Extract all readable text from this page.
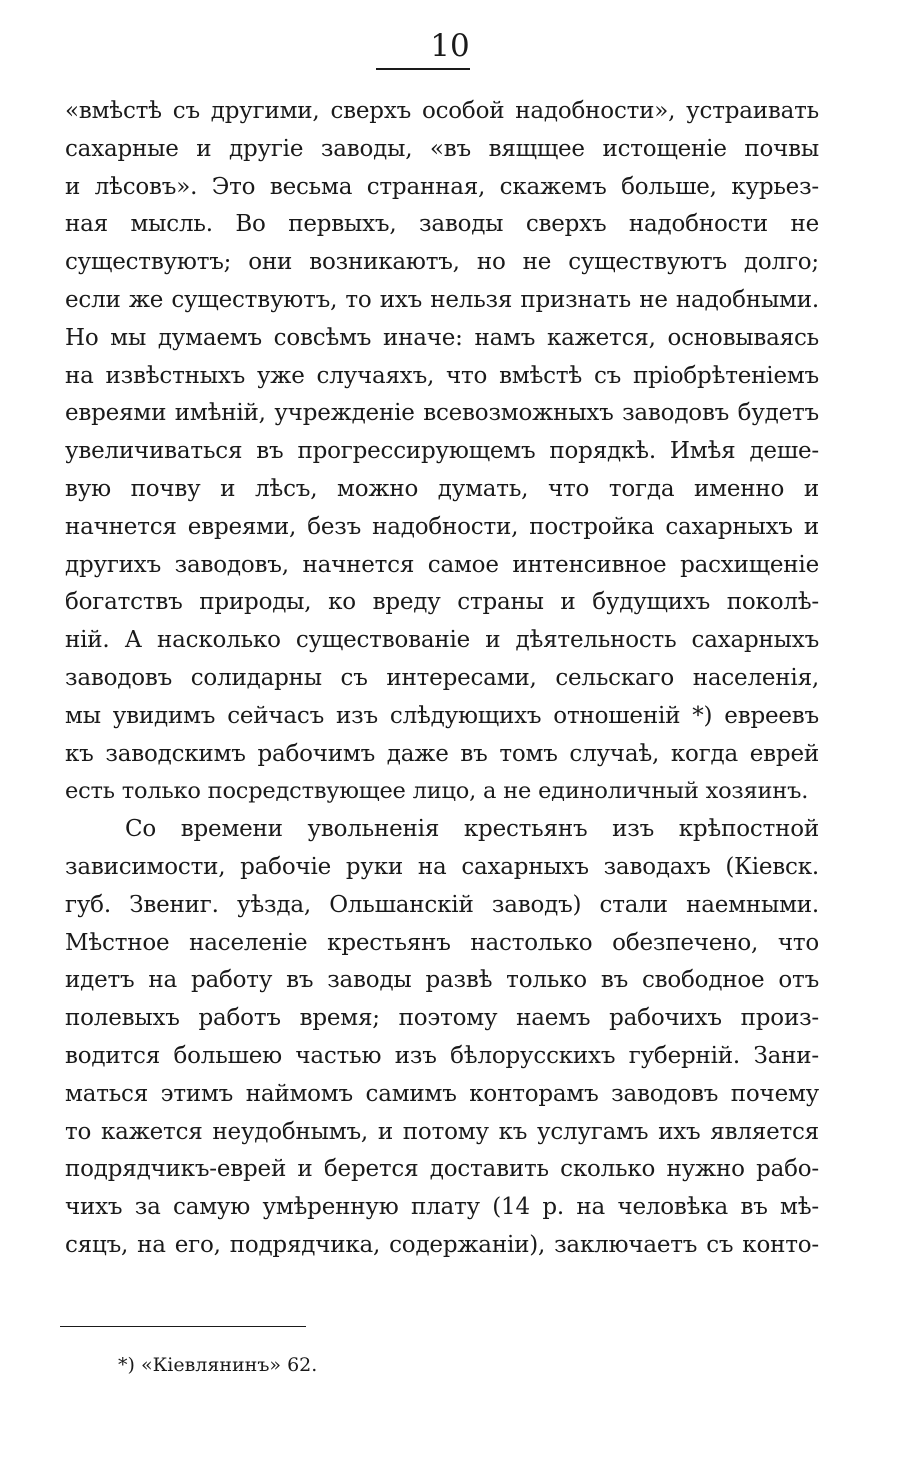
10
«вмѣстѣ съ другими, сверхъ особой надобности», устраивать
сахарные и другіе заводы, «въ вящщее истощеніе почвы
и лѣсовъ». Это весьма странная, скажемъ больше, курьез-
ная мысль. Во первыхъ, заводы сверхъ надобности не
существуютъ; они возникаютъ, но не существуютъ долго;
если же существуютъ, то ихъ нельзя признать не надобными.
Но мы думаемъ совсѣмъ иначе: намъ кажется, основываясь
на извѣстныхъ уже случаяхъ, что вмѣстѣ съ пріобрѣтеніемъ
евреями имѣній, учрежденіе всевозможныхъ заводовъ будетъ
увеличиваться въ прогрессирующемъ порядкѣ. Имѣя деше-
вую почву и лѣсъ, можно думать, что тогда именно и
начнется евреями, безъ надобности, постройка сахарныхъ и
другихъ заводовъ, начнется самое интенсивное расхищеніе
богатствъ природы, ко вреду страны и будущихъ поколѣ-
ній. А насколько существованіе и дѣятельность сахарныхъ
заводовъ солидарны съ интересами, сельскаго населенія,
мы увидимъ сейчасъ изъ слѣдующихъ отношеній *) евреевъ
къ заводскимъ рабочимъ даже въ томъ случаѣ, когда еврей
есть только посредствующее лицо, а не единоличный хозяинъ.
Со времени увольненія крестьянъ изъ крѣпостной
зависимости, рабочіе руки на сахарныхъ заводахъ (Кіевск.
губ. Звениг. уѣзда, Ольшанскій заводъ) стали наемными.
Мѣстное населеніе крестьянъ настолько обезпечено, что
идетъ на работу въ заводы развѣ только въ свободное отъ
полевыхъ работъ время; поэтому наемъ рабочихъ произ-
водится большею частью изъ бѣлорусскихъ губерній. Зани-
маться этимъ наймомъ самимъ конторамъ заводовъ почему
то кажется неудобнымъ, и потому къ услугамъ ихъ является
подрядчикъ-еврей и берется доставить сколько нужно рабо-
чихъ за самую умѣренную плату (14 р. на человѣка въ мѣ-
сяцъ, на его, подрядчика, содержаніи), заключаетъ съ конто-
*) «Кіевлянинъ» 62.
